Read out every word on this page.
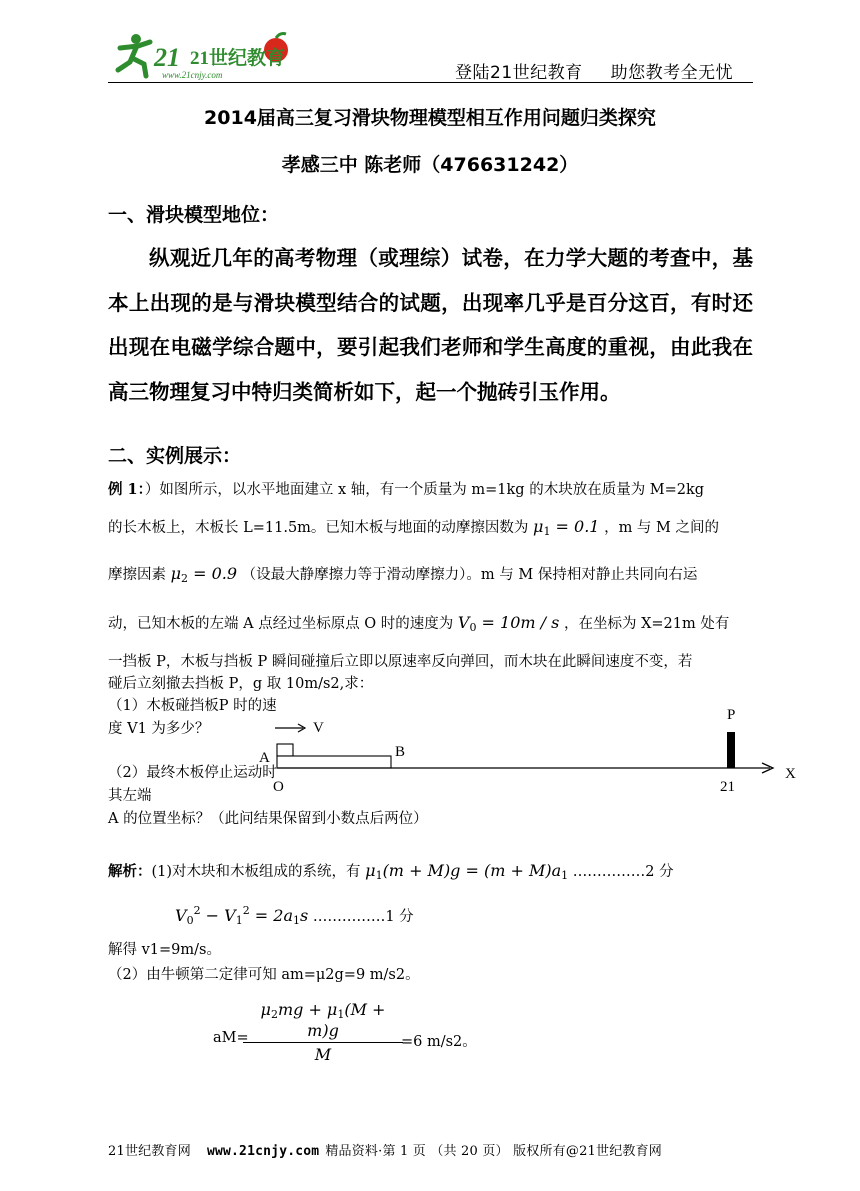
21 21世纪教育
www.21cnjy.com	登陆21世纪教育 助您教考全无忧
2014届高三复习滑块物理模型相互作用问题归类探究
孝感三中 陈老师（476631242）
一、滑块模型地位：
纵观近几年的高考物理（或理综）试卷，在力学大题的考查中，基本上出现的是与滑块模型结合的试题，出现率几乎是百分这百，有时还出现在电磁学综合题中，要引起我们老师和学生高度的重视，由此我在高三物理复习中特归类简析如下，起一个抛砖引玉作用。
二、实例展示：
例 1：）如图所示，以水平地面建立 x 轴，有一个质量为 m=1kg 的木块放在质量为 M=2kg
的长木板上，木板长 L=11.5m。已知木板与地面的动摩擦因数为 $\mu_1 = 0.1$ ，m 与 M 之间的
摩擦因素 $\mu_2 = 0.9$ （设最大静摩擦力等于滑动摩擦力）。m 与 M 保持相对静止共同向右运
动，已知木板的左端 A 点经过坐标原点 O 时的速度为 $V_0 = 10m / s$ ，在坐标为 X=21m 处有
一挡板 P，木板与挡板 P 瞬间碰撞后立即以原速率反向弹回，而木块在此瞬间速度不变，若
碰后立刻撤去挡板 P，g 取 10m/s2,求：
（1）木板碰挡板P 时的速度 V1 为多少？
（2）最终木板停止运动时其左端
A 的位置坐标？（此问结果保留到小数点后两位）
V
A	B
O
X
P
21
解析：(1)对木块和木板组成的系统，有 $\mu_1(m + M)g = (m + M)a_1$ ……………2 分
$V_0^2 - V_1^2 = 2a_1s$ ……………1 分
解得 v1=9m/s。
（2）由牛顿第二定律可知 am=μ2g=9 m/s2。
aM=
$\mu_2mg + \mu_1(M + m)g$
M
=6 m/s2。
21世纪教育网 www.21cnjy.com 精品资料·第 1 页 （共 20 页） 版权所有@21世纪教育网
